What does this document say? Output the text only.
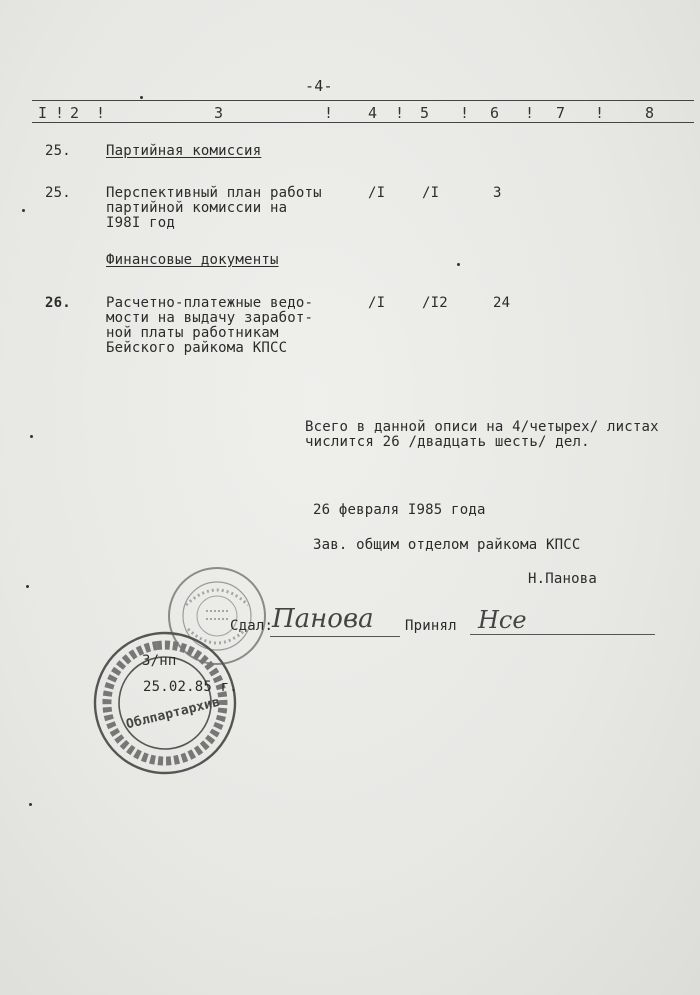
-4-
I ! 2 !	3	! 4 ! 5 ! 6 ! 7 !	8
25.	Партийная комиссия
25.	Перспективный план работы
партийной комиссии на
I98I год
/I	/I	3
Финансовые документы
26.	Расчетно-платежные ведо-
мости на выдачу заработ-
ной платы работникам
Бейского райкома КПСС
/I	/I2	24
Всего в данной описи на 4/четырех/ листах
числится 26 /двадцать шесть/ дел.
26 февраля I985 года
Зав. общим отделом райкома КПСС
Н.Панова
Сдал:
Панова Принял Нсе
Облпартархив
3/нп
25.02.85 г.
